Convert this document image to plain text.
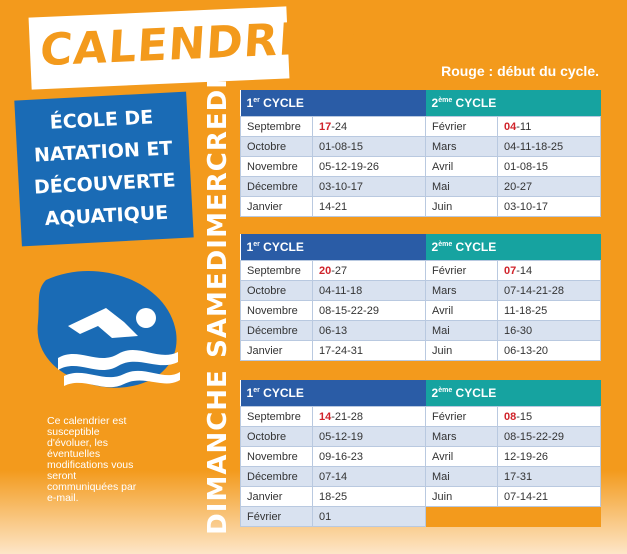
CALENDRIER	Rouge : début du cycle.

ÉCOLE DE
NATATION ET
DÉCOUVERTE
AQUATIQUE

Ce calendrier est susceptible d'évoluer, les éventuelles modifications vous seront communiquées par e-mail.

MERCREDI
SAMEDI
DIMANCHE
1er CYCLE		2ème CYCLE	
Septembre	17-24	Février	04-11
Octobre	01-08-15	Mars	04-11-18-25
Novembre	05-12-19-26	Avril	01-08-15
Décembre	03-10-17	Mai	20-27
Janvier	14-21	Juin	03-10-17
1er CYCLE		2ème CYCLE	
Septembre	20-27	Février	07-14
Octobre	04-11-18	Mars	07-14-21-28
Novembre	08-15-22-29	Avril	11-18-25
Décembre	06-13	Mai	16-30
Janvier	17-24-31	Juin	06-13-20
1er CYCLE		2ème CYCLE	
Septembre	14-21-28	Février	08-15
Octobre	05-12-19	Mars	08-15-22-29
Novembre	09-16-23	Avril	12-19-26
Décembre	07-14	Mai	17-31
Janvier	18-25	Juin	07-14-21
Février	01		
